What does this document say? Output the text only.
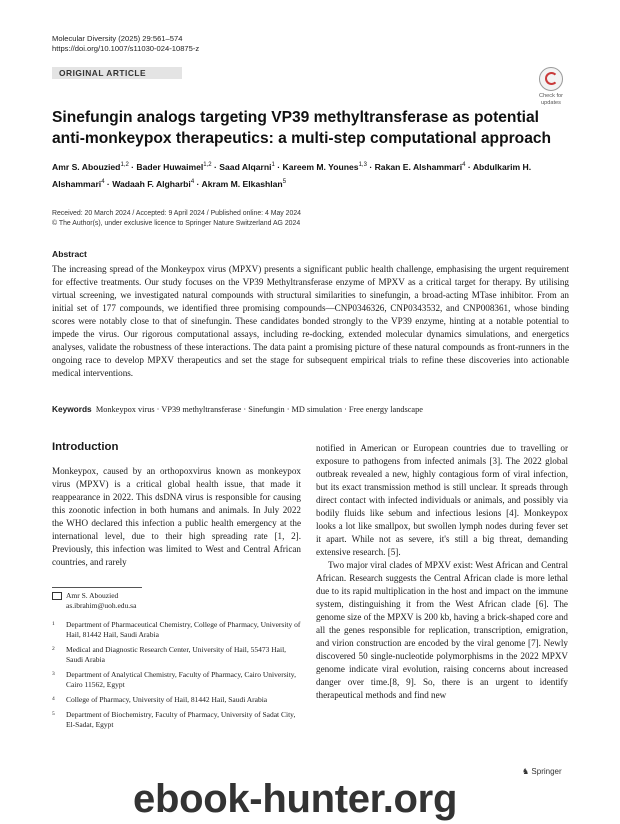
Molecular Diversity (2025) 29:561–574
https://doi.org/10.1007/s11030-024-10875-z
ORIGINAL ARTICLE
Check for
updates
Sinefungin analogs targeting VP39 methyltransferase as potential anti-monkeypox therapeutics: a multi-step computational approach
Amr S. Abouzied$^{1,2}$ · Bader Huwaimel$^{1,2}$ · Saad Alqarni$^1$ · Kareem M. Younes$^{1,3}$ · Rakan E. Alshammari$^4$ · Abdulkarim H. Alshammari$^4$ · Wadaah F. Algharbi$^4$ · Akram M. Elkashlan$^5$
Received: 20 March 2024 / Accepted: 9 April 2024 / Published online: 4 May 2024
© The Author(s), under exclusive licence to Springer Nature Switzerland AG 2024
Abstract
The increasing spread of the Monkeypox virus (MPXV) presents a significant public health challenge, emphasising the urgent requirement for effective treatments. Our study focuses on the VP39 Methyltransferase enzyme of MPXV as a critical target for therapy. By utilising virtual screening, we investigated natural compounds with structural similarities to sinefungin, a broad-acting MTase inhibitor. From an initial set of 177 compounds, we identified three promising compounds—CNP0346326, CNP0343532, and CNP008361, whose binding scores were notably close to that of sinefungin. These candidates bonded strongly to the VP39 enzyme, hinting at a notable potential to impede the virus. Our rigorous computational assays, including re-docking, extended molecular dynamics simulations, and energetics analyses, validate the robustness of these interactions. The data paint a promising picture of these natural compounds as front-runners in the ongoing race to develop MPXV therapeutics and set the stage for subsequent empirical trials to refine these discoveries into actionable medical interventions.
Keywords Monkeypox virus · VP39 methyltransferase · Sinefungin · MD simulation · Free energy landscape
Introduction

Monkeypox, caused by an orthopoxvirus known as monkeypox virus (MPXV) is a critical global health issue, that made it reappearance in 2022. This dsDNA virus is responsible for causing this zoonotic infection in both humans and animals. In July 2022 the WHO declared this infection a public health emergency at the international level, due to their high spreading rate [1, 2]. Previously, this infection was limited to West and Central African countries, and rarely

notified in American or European countries due to travelling or exposure to pathogens from infected animals [3]. The 2022 global outbreak revealed a new, highly contagious form of viral infection, but its exact transmission method is still unclear. It spreads through direct contact with infected individuals or animals, and possibly via bodily fluids like sebum and infectious lesions [4]. Monkeypox looks a lot like smallpox, but swollen lymph nodes during fever set it apart. While not as severe, it's still a big threat, demanding extensive research. [5].

Two major viral clades of MPXV exist: West African and Central African. Research suggests the Central African clade is more lethal due to its rapid multiplication in the host and impact on the immune system, distinguishing it from the West African clade [6]. The genome size of the MPXV is 200 kb, having a brick-shaped core and all the genes responsible for replication, transcription, emigration, and virion construction are encoded by the viral genome [7]. Newly discovered 50 single-nucleotide polymorphisms in the 2022 MPXV genome indicate viral evolution, raising concerns about increased danger over time.[8, 9]. So, there is an urgent to identify therapeutical methods and find new

Amr S. Abouzied
as.ibrahim@uoh.edu.sa
1 Department of Pharmaceutical Chemistry, College of Pharmacy, University of Hail, 81442 Hail, Saudi Arabia
2 Medical and Diagnostic Research Center, University of Hail, 55473 Hail, Saudi Arabia
3 Department of Analytical Chemistry, Faculty of Pharmacy, Cairo University, Cairo 11562, Egypt
4 College of Pharmacy, University of Hail, 81442 Hail, Saudi Arabia
5 Department of Biochemistry, Faculty of Pharmacy, University of Sadat City, El-Sadat, Egypt
♞ Springer
ebook-hunter.org
